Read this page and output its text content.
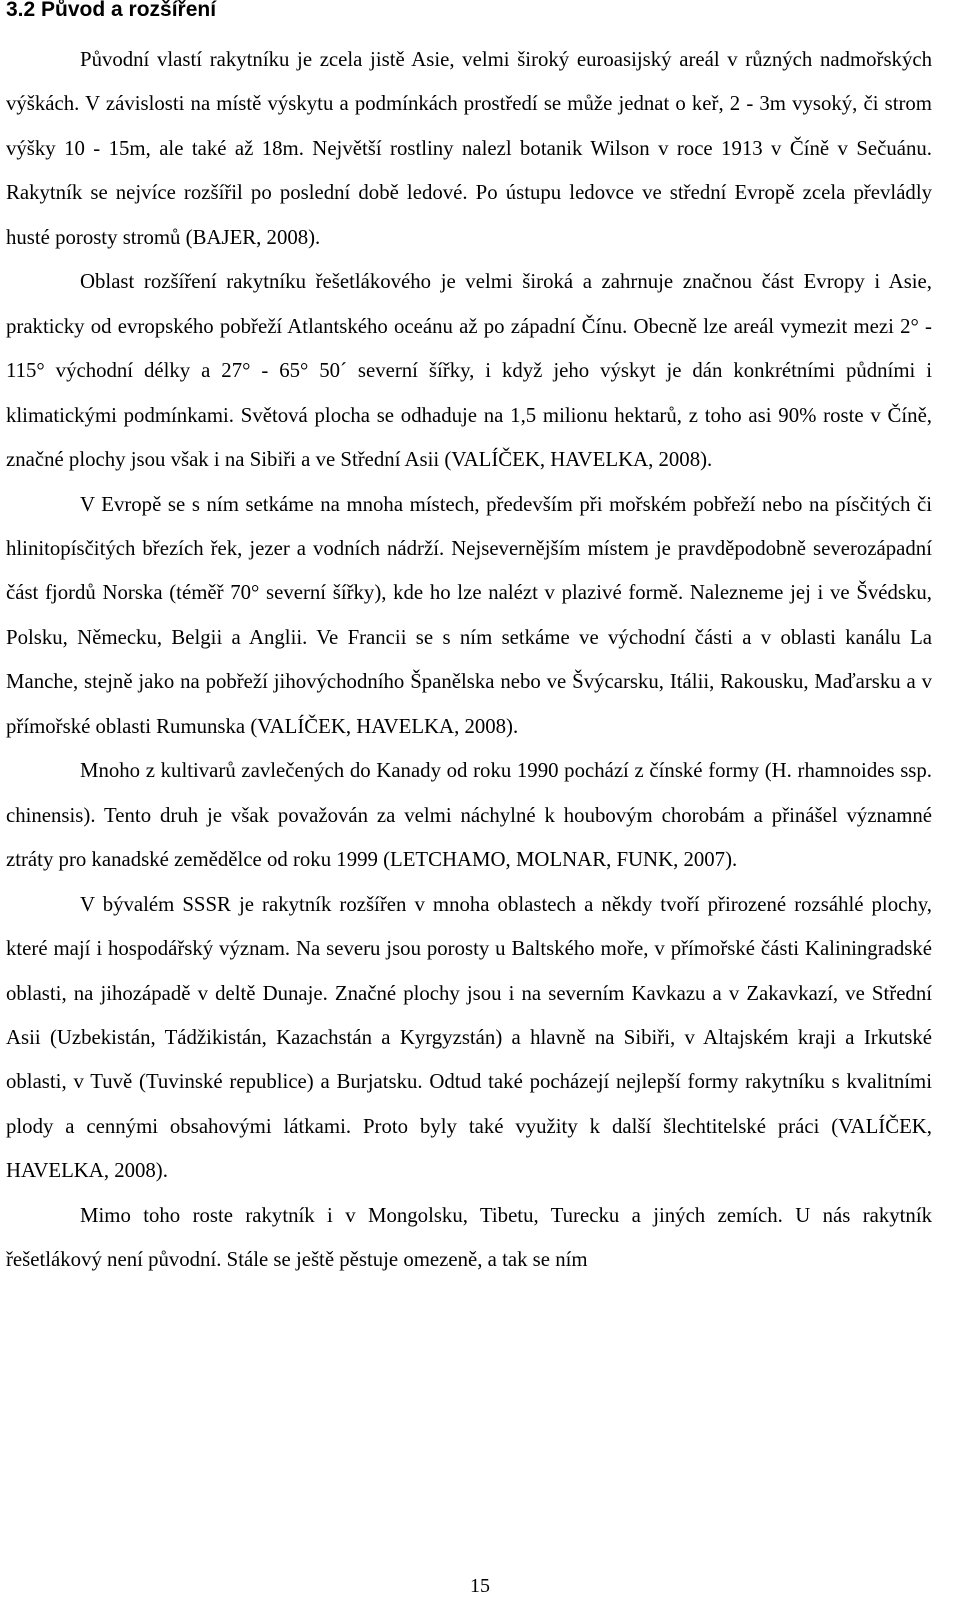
3.2 Původ a rozšíření

Původní vlastí rakytníku je zcela jistě Asie, velmi široký euroasijský areál v různých nadmořských výškách. V závislosti na místě výskytu a podmínkách prostředí se může jednat o keř, 2 - 3m vysoký, či strom výšky 10 - 15m, ale také až 18m. Největší rostliny nalezl botanik Wilson v roce 1913 v Číně v Sečuánu. Rakytník se nejvíce rozšířil po poslední době ledové. Po ústupu ledovce ve střední Evropě zcela převládly husté porosty stromů (BAJER, 2008).

Oblast rozšíření rakytníku řešetlákového je velmi široká a zahrnuje značnou část Evropy i Asie, prakticky od evropského pobřeží Atlantského oceánu až po západní Čínu. Obecně lze areál vymezit mezi 2° - 115° východní délky a 27° - 65° 50´ severní šířky, i když jeho výskyt je dán konkrétními půdními i klimatickými podmínkami. Světová plocha se odhaduje na 1,5 milionu hektarů, z toho asi 90% roste v Číně, značné plochy jsou však i na Sibiři a ve Střední Asii (VALÍČEK, HAVELKA, 2008).

V Evropě se s ním setkáme na mnoha místech, především při mořském pobřeží nebo na písčitých či hlinitopísčitých březích řek, jezer a vodních nádrží. Nejsevernějším místem je pravděpodobně severozápadní část fjordů Norska (téměř 70° severní šířky), kde ho lze nalézt v plazivé formě. Nalezneme jej i ve Švédsku, Polsku, Německu, Belgii a Anglii. Ve Francii se s ním setkáme ve východní části a v oblasti kanálu La Manche, stejně jako na pobřeží jihovýchodního Španělska nebo ve Švýcarsku, Itálii, Rakousku, Maďarsku a v přímořské oblasti Rumunska (VALÍČEK, HAVELKA, 2008).

Mnoho z kultivarů zavlečených do Kanady od roku 1990 pochází z čínské formy (H. rhamnoides ssp. chinensis). Tento druh je však považován za velmi náchylné k houbovým chorobám a přinášel významné ztráty pro kanadské zemědělce od roku 1999 (LETCHAMO, MOLNAR, FUNK, 2007).

V bývalém SSSR je rakytník rozšířen v mnoha oblastech a někdy tvoří přirozené rozsáhlé plochy, které mají i hospodářský význam. Na severu jsou porosty u Baltského moře, v přímořské části Kaliningradské oblasti, na jihozápadě v deltě Dunaje. Značné plochy jsou i na severním Kavkazu a v Zakavkazí, ve Střední Asii (Uzbekistán, Tádžikistán, Kazachstán a Kyrgyzstán) a hlavně na Sibiři, v Altajském kraji a Irkutské oblasti, v Tuvě (Tuvinské republice) a Burjatsku. Odtud také pocházejí nejlepší formy rakytníku s kvalitními plody a cennými obsahovými látkami. Proto byly také využity k další šlechtitelské práci (VALÍČEK, HAVELKA, 2008).

Mimo toho roste rakytník i v Mongolsku, Tibetu, Turecku a jiných zemích. U nás rakytník řešetlákový není původní. Stále se ještě pěstuje omezeně, a tak se ním

15
